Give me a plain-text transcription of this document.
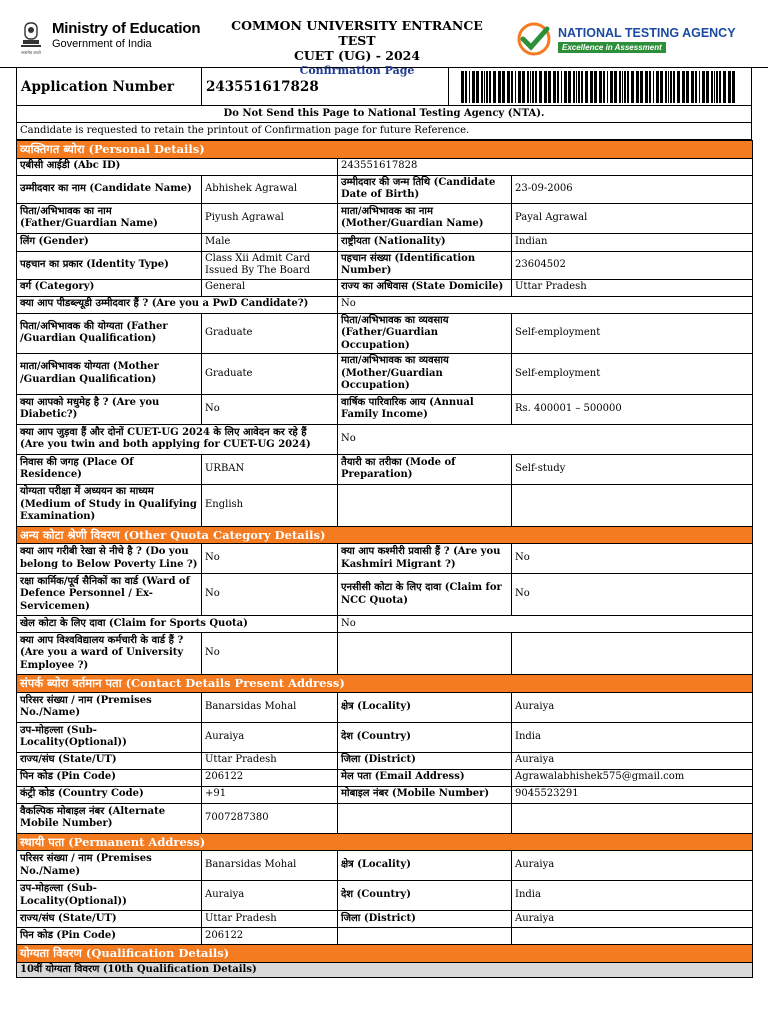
सत्यमेव जयते
Ministry of Education
Government of India
COMMON UNIVERSITY ENTRANCE TEST
CUET (UG) - 2024
Confirmation Page
NATIONAL TESTING AGENCY
Excellence in Assessment
Application Number	243551617828
Do Not Send this Page to National Testing Agency (NTA).
Candidate is requested to retain the printout of Confirmation page for future Reference.
व्यक्तिगत ब्योरा (Personal Details)			
एबीसी आईडी (Abc ID)		243551617828	
उम्मीदवार का नाम (Candidate Name)	Abhishek Agrawal	उम्मीदवार की जन्म तिथि (Candidate Date of Birth)	23-09-2006
पिता/अभिभावक का नाम (Father/Guardian Name)	Piyush Agrawal	माता/अभिभावक का नाम (Mother/Guardian Name)	Payal Agrawal
लिंग (Gender)	Male	राष्ट्रीयता (Nationality)	Indian
पहचान का प्रकार (Identity Type)	Class Xii Admit Card Issued By The Board	पहचान संख्या (Identification Number)	23604502
वर्ग (Category)	General	राज्य का अधिवास (State Domicile)	Uttar Pradesh
क्या आप पीडब्ल्यूडी उम्मीदवार हैं ? (Are you a PwD Candidate?)		No	
पिता/अभिभावक की योग्यता (Father /Guardian Qualification)	Graduate	पिता/अभिभावक का व्यवसाय (Father/Guardian Occupation)	Self-employment
माता/अभिभावक योग्यता (Mother /Guardian Qualification)	Graduate	माता/अभिभावक का व्यवसाय (Mother/Guardian Occupation)	Self-employment
क्या आपको मधुमेह है ? (Are you Diabetic?)	No	वार्षिक पारिवारिक आय (Annual Family Income)	Rs. 400001 – 500000
क्या आप जुड़वा हैं और दोनों CUET-UG 2024 के लिए आवेदन कर रहे हैं (Are you twin and both applying for CUET-UG 2024)		No	
निवास की जगह (Place Of Residence)	URBAN	तैयारी का तरीका (Mode of Preparation)	Self-study
योग्यता परीक्षा में अध्ययन का माध्यम (Medium of Study in Qualifying Examination)	English		
अन्य कोटा श्रेणी विवरण (Other Quota Category Details)			
क्या आप गरीबी रेखा से नीचे है ? (Do you belong to Below Poverty Line ?)	No	क्या आप कश्मीरी प्रवासी हैं ? (Are you Kashmiri Migrant ?)	No
रक्षा कार्मिक/पूर्व सैनिकों का वार्ड (Ward of Defence Personnel / Ex-Servicemen)	No	एनसीसी कोटा के लिए दावा (Claim for NCC Quota)	No
खेल कोटा के लिए दावा (Claim for Sports Quota)		No	
क्या आप विश्वविद्यालय कर्मचारी के वार्ड हैं ? (Are you a ward of University Employee ?)	No		
संपर्क ब्योरा वर्तमान पता (Contact Details Present Address)			
परिसर संख्या / नाम (Premises No./Name)	Banarsidas Mohal	क्षेत्र (Locality)	Auraiya
उप-मोहल्ला (Sub-Locality(Optional))	Auraiya	देश (Country)	India
राज्य/संघ (State/UT)	Uttar Pradesh	जिला (District)	Auraiya
पिन कोड (Pin Code)	206122	मेल पता (Email Address)	Agrawalabhishek575@gmail.com
कंट्री कोड (Country Code)	+91	मोबाइल नंबर (Mobile Number)	9045523291
वैकल्पिक मोबाइल नंबर (Alternate Mobile Number)	7007287380		
स्थायी पता (Permanent Address)			
परिसर संख्या / नाम (Premises No./Name)	Banarsidas Mohal	क्षेत्र (Locality)	Auraiya
उप-मोहल्ला (Sub-Locality(Optional))	Auraiya	देश (Country)	India
राज्य/संघ (State/UT)	Uttar Pradesh	जिला (District)	Auraiya
पिन कोड (Pin Code)	206122		
योग्यता विवरण (Qualification Details)			
10वीं योग्यता विवरण (10th Qualification Details)			
